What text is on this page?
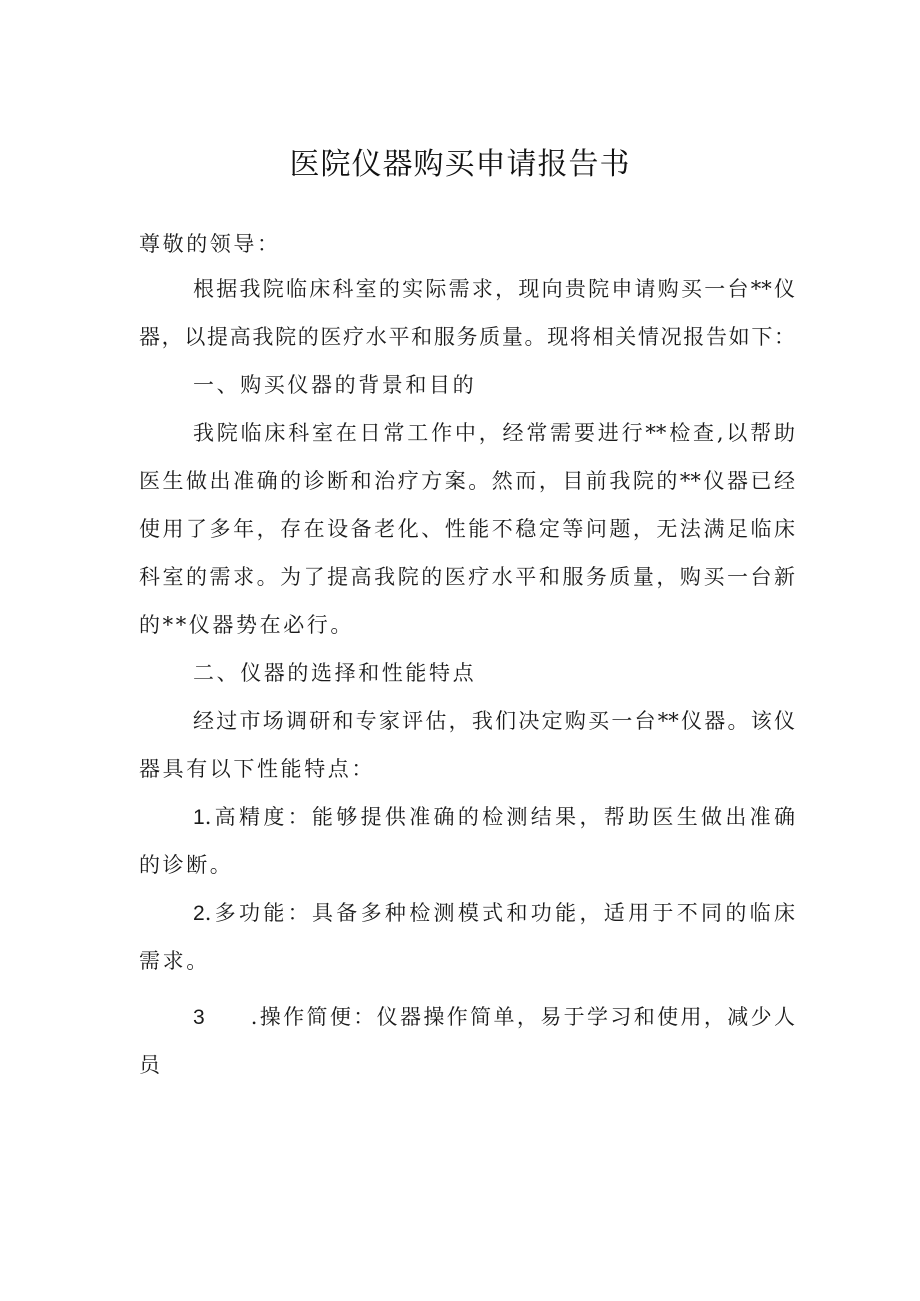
医院仪器购买申请报告书
尊敬的领导：
根据我院临床科室的实际需求，现向贵院申请购买一台**仪
器，以提高我院的医疗水平和服务质量。现将相关情况报告如下：
一、购买仪器的背景和目的
我院临床科室在日常工作中，经常需要进行**检查,以帮助
医生做出准确的诊断和治疗方案。然而，目前我院的**仪器已经
使用了多年，存在设备老化、性能不稳定等问题，无法满足临床
科室的需求。为了提高我院的医疗水平和服务质量，购买一台新
的**仪器势在必行。
二、仪器的选择和性能特点
经过市场调研和专家评估，我们决定购买一台**仪器。该仪
器具有以下性能特点：
1.高精度：能够提供准确的检测结果，帮助医生做出准确
的诊断。
2.多功能：具备多种检测模式和功能，适用于不同的临床
需求。
3 .操作简便：仪器操作简单，易于学习和使用，减少人
员
